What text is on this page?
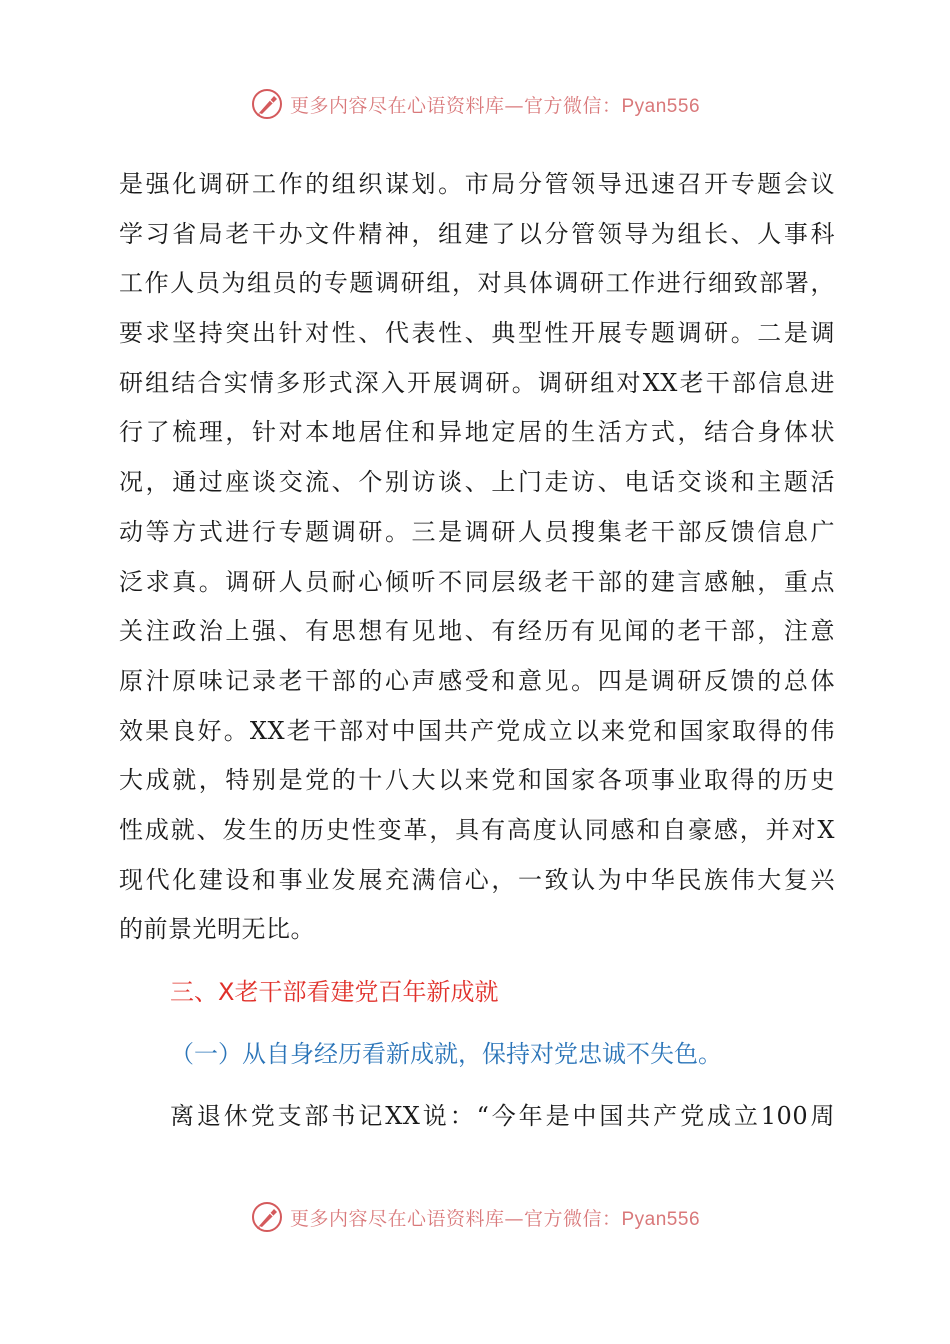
更多内容尽在心语资料库—官方微信：Pyan556
是强化调研工作的组织谋划。市局分管领导迅速召开专题会议
学习省局老干办文件精神，组建了以分管领导为组长、人事科
工作人员为组员的专题调研组，对具体调研工作进行细致部署，
要求坚持突出针对性、代表性、典型性开展专题调研。二是调
研组结合实情多形式深入开展调研。调研组对XX老干部信息进
行了梳理，针对本地居住和异地定居的生活方式，结合身体状
况，通过座谈交流、个别访谈、上门走访、电话交谈和主题活
动等方式进行专题调研。三是调研人员搜集老干部反馈信息广
泛求真。调研人员耐心倾听不同层级老干部的建言感触，重点
关注政治上强、有思想有见地、有经历有见闻的老干部，注意
原汁原味记录老干部的心声感受和意见。四是调研反馈的总体
效果良好。XX老干部对中国共产党成立以来党和国家取得的伟
大成就，特别是党的十八大以来党和国家各项事业取得的历史
性成就、发生的历史性变革，具有高度认同感和自豪感，并对X
现代化建设和事业发展充满信心，一致认为中华民族伟大复兴
的前景光明无比。
三、X老干部看建党百年新成就
（一）从自身经历看新成就，保持对党忠诚不失色。
离退休党支部书记XX说：“今年是中国共产党成立100周
更多内容尽在心语资料库—官方微信：Pyan556
